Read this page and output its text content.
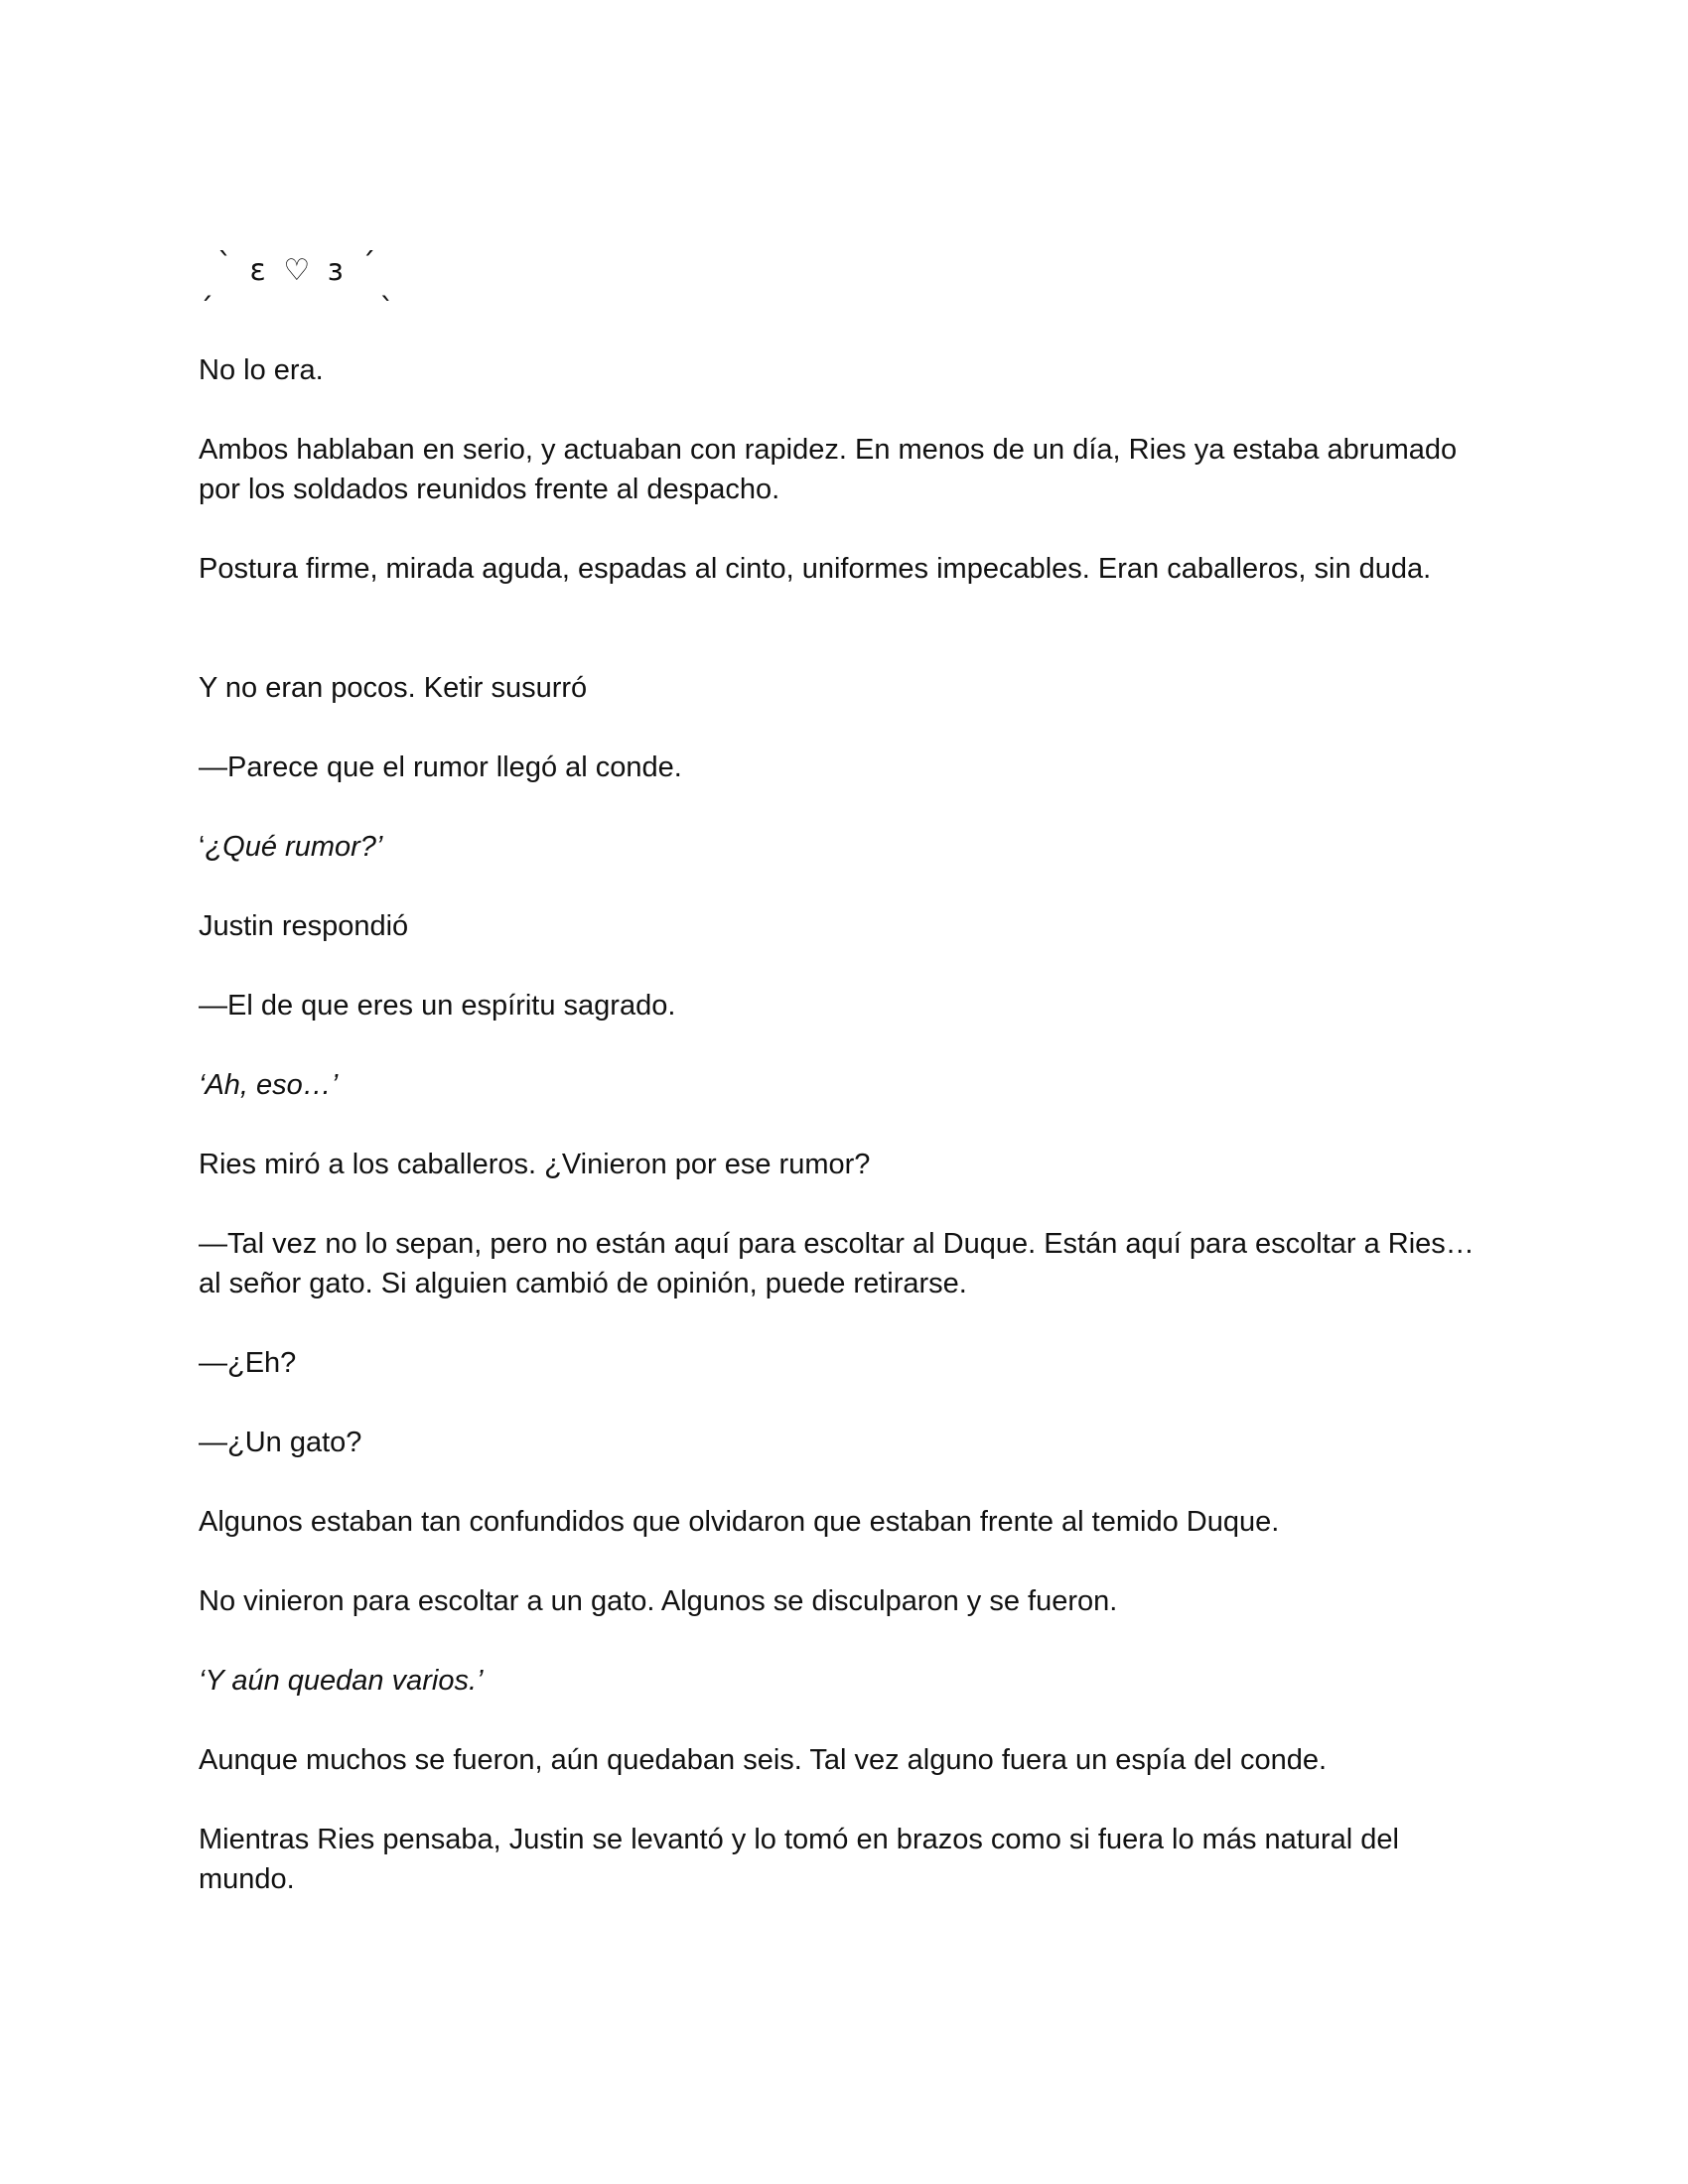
ˏˋ ɛ ♡ ɜ ˊˎ

No lo era.

Ambos hablaban en serio, y actuaban con rapidez. En menos de un día, Ries ya estaba abrumado por los soldados reunidos frente al despacho.

Postura firme, mirada aguda, espadas al cinto, uniformes impecables. Eran caballeros, sin duda.

Y no eran pocos. Ketir susurró

—Parece que el rumor llegó al conde.

‘¿Qué rumor?’

Justin respondió

—El de que eres un espíritu sagrado.

‘Ah, eso…’

Ries miró a los caballeros. ¿Vinieron por ese rumor?

—Tal vez no lo sepan, pero no están aquí para escoltar al Duque. Están aquí para escoltar a Ries… al señor gato. Si alguien cambió de opinión, puede retirarse.

—¿Eh?

—¿Un gato?

Algunos estaban tan confundidos que olvidaron que estaban frente al temido Duque.

No vinieron para escoltar a un gato. Algunos se disculparon y se fueron.

‘Y aún quedan varios.’

Aunque muchos se fueron, aún quedaban seis. Tal vez alguno fuera un espía del conde.

Mientras Ries pensaba, Justin se levantó y lo tomó en brazos como si fuera lo más natural del mundo.
